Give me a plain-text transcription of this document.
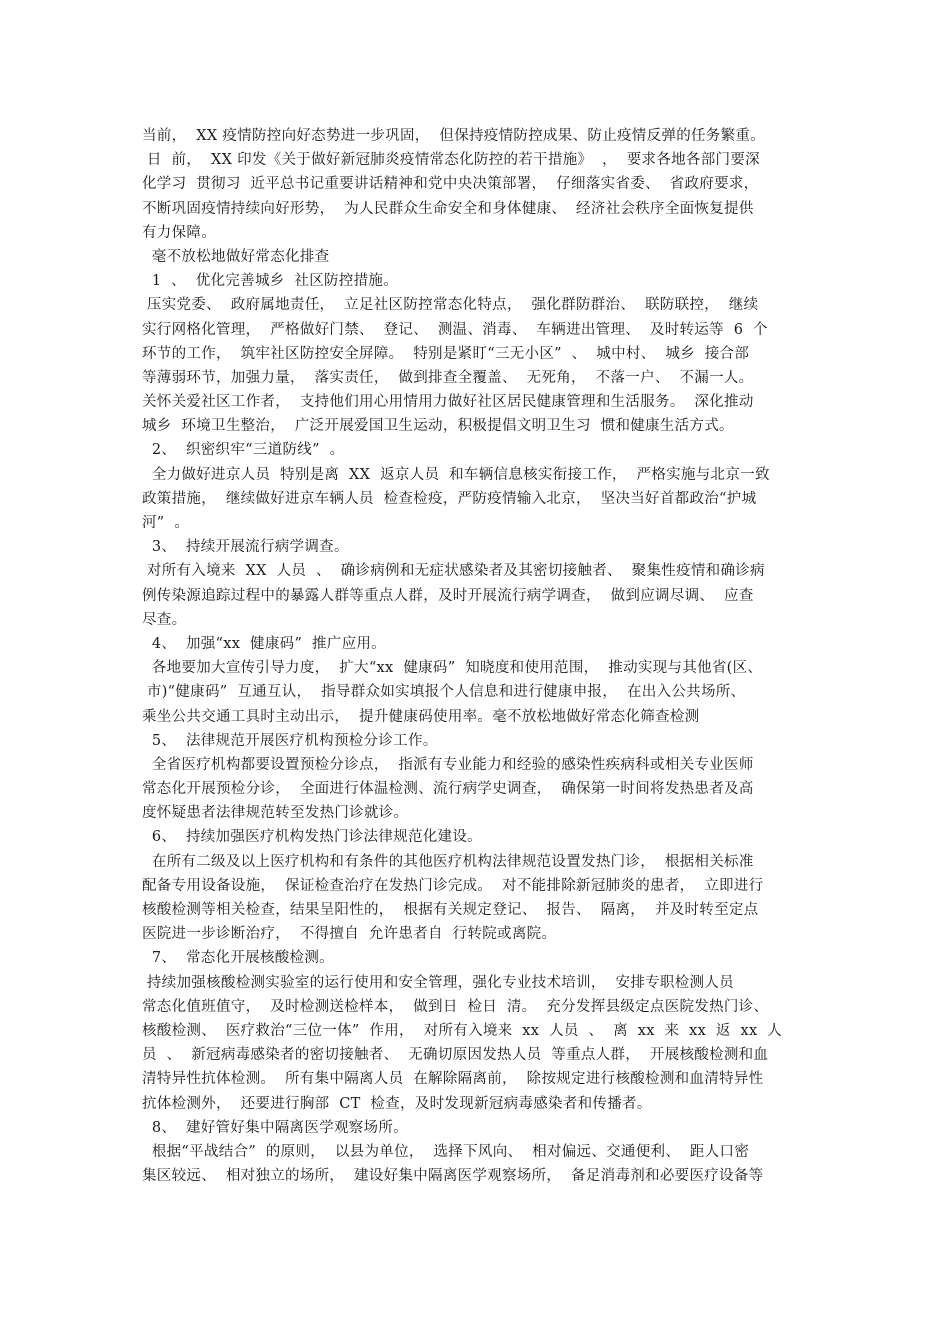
当前，  XX 疫情防控向好态势进一步巩固，  但保持疫情防控成果、防止疫情反弹的任务繁重。
日  前，  XX 印发《关于做好新冠肺炎疫情常态化防控的若干措施》  ，  要求各地各部门要深
化学习  贯彻习  近平总书记重要讲话精神和党中央决策部署，  仔细落实省委、  省政府要求，
不断巩固疫情持续向好形势，  为人民群众生命安全和身体健康、  经济社会秩序全面恢复提供
有力保障。
毫不放松地做好常态化排查
1  、  优化完善城乡  社区防控措施。
压实党委、  政府属地责任，  立足社区防控常态化特点，  强化群防群治、  联防联控，  继续
实行网格化管理，  严格做好门禁、  登记、  测温、消毒、  车辆进出管理、  及时转运等  6  个
环节的工作，  筑牢社区防控安全屏障。  特别是紧盯“三无小区”  、  城中村、  城乡  接合部
等薄弱环节，加强力量，  落实责任，  做到排查全覆盖、  无死角，  不落一户、  不漏一人。
关怀关爱社区工作者，  支持他们用心用情用力做好社区居民健康管理和生活服务。  深化推动
城乡  环境卫生整治，  广泛开展爱国卫生运动，积极提倡文明卫生习  惯和健康生活方式。
2、  织密织牢“三道防线”  。
全力做好进京人员  特别是离  XX  返京人员  和车辆信息核实衔接工作，  严格实施与北京一致
政策措施，  继续做好进京车辆人员  检查检疫，严防疫情输入北京，  坚决当好首都政治“护城
河”  。
3、  持续开展流行病学调查。
对所有入境来  XX  人员  、  确诊病例和无症状感染者及其密切接触者、  聚集性疫情和确诊病
例传染源追踪过程中的暴露人群等重点人群，及时开展流行病学调查，  做到应调尽调、  应查
尽查。
4、  加强“xx  健康码”  推广应用。
各地要加大宣传引导力度，  扩大“xx  健康码”  知晓度和使用范围，  推动实现与其他省(区、
市)“健康码”  互通互认，  指导群众如实填报个人信息和进行健康申报，  在出入公共场所、
乘坐公共交通工具时主动出示，  提升健康码使用率。毫不放松地做好常态化筛查检测
5、  法律规范开展医疗机构预检分诊工作。
全省医疗机构都要设置预检分诊点，  指派有专业能力和经验的感染性疾病科或相关专业医师
常态化开展预检分诊，  全面进行体温检测、流行病学史调查，  确保第一时间将发热患者及高
度怀疑患者法律规范转至发热门诊就诊。
6、  持续加强医疗机构发热门诊法律规范化建设。
在所有二级及以上医疗机构和有条件的其他医疗机构法律规范设置发热门诊，  根据相关标准
配备专用设备设施，  保证检查治疗在发热门诊完成。  对不能排除新冠肺炎的患者，  立即进行
核酸检测等相关检查，结果呈阳性的，  根据有关规定登记、  报告、  隔离，  并及时转至定点
医院进一步诊断治疗，  不得擅自  允许患者自  行转院或离院。
7、  常态化开展核酸检测。
持续加强核酸检测实验室的运行使用和安全管理，强化专业技术培训，  安排专职检测人员
常态化值班值守，  及时检测送检样本，  做到日  检日  清。  充分发挥县级定点医院发热门诊、
核酸检测、  医疗救治“三位一体”  作用，  对所有入境来  xx  人员  、  离  xx  来  xx  返  xx  人
员  、  新冠病毒感染者的密切接触者、  无确切原因发热人员  等重点人群，  开展核酸检测和血
清特异性抗体检测。  所有集中隔离人员  在解除隔离前，  除按规定进行核酸检测和血清特异性
抗体检测外，  还要进行胸部  CT  检查，及时发现新冠病毒感染者和传播者。
8、  建好管好集中隔离医学观察场所。
根据“平战结合”  的原则，  以县为单位，  选择下风向、  相对偏远、交通便利、  距人口密
集区较远、  相对独立的场所，  建设好集中隔离医学观察场所，  备足消毒剂和必要医疗设备等
